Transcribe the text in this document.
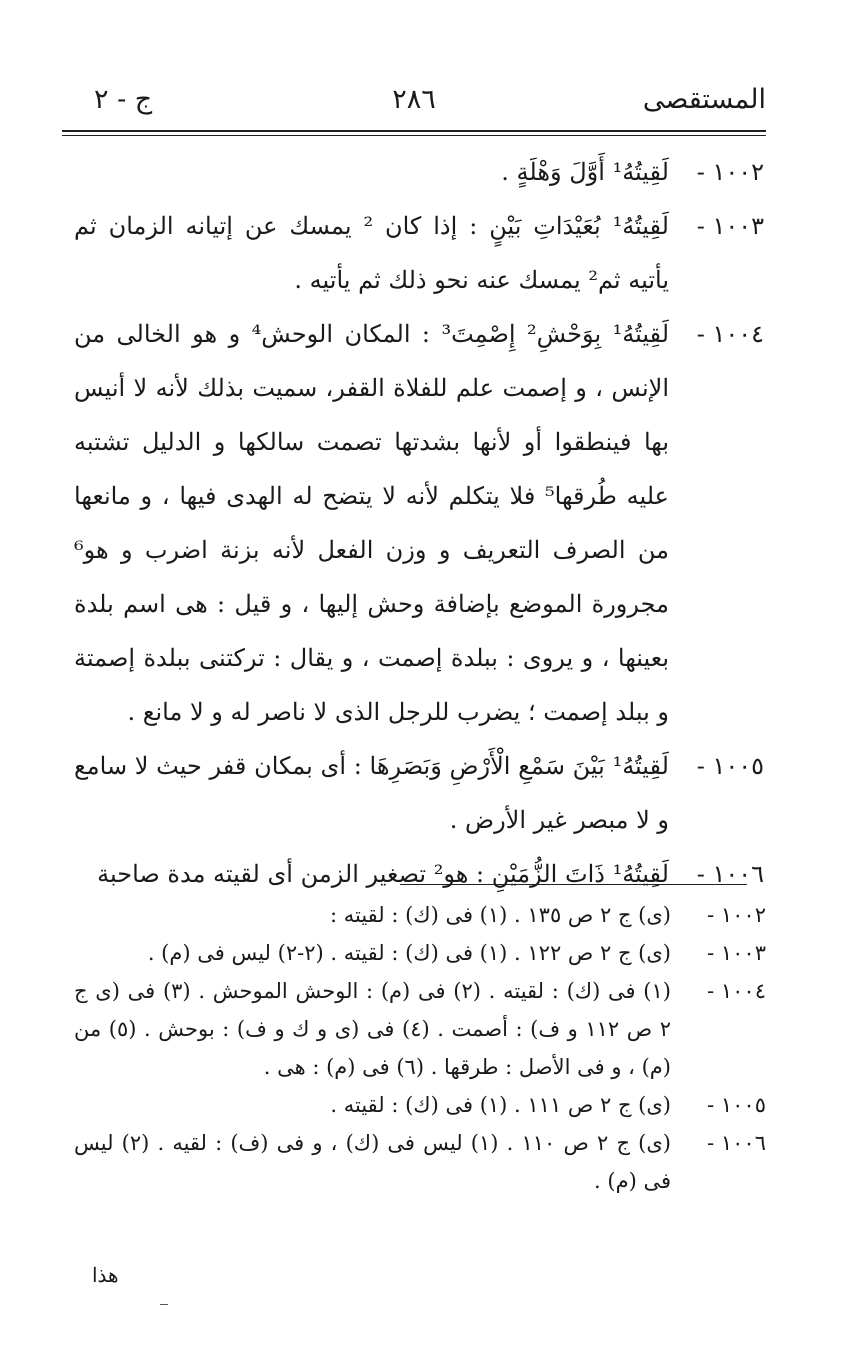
المستقصى
٢٨٦
ج - ٢
١٠٠٢ -
لَقِيتُهُ¹ أَوَّلَ وَهْلَةٍ .
١٠٠٣ -
لَقِيتُهُ¹ بُعَيْدَاتِ بَيْنٍ : إذا كان ² يمسك عن إتيانه الزمان ثم يأتيه ثم² يمسك عنه نحو ذلك ثم يأتيه .
١٠٠٤ -
لَقِيتُهُ¹ بِوَحْشِ² إِصْمِتَ³ : المكان الوحش⁴ و هو الخالى من الإنس ، و إصمت علم للفلاة القفر، سميت بذلك لأنه لا أنيس بها فينطقوا أو لأنها بشدتها تصمت سالكها و الدليل تشتبه عليه طُرقها⁵ فلا يتكلم لأنه لا يتضح له الهدى فيها ، و مانعها من الصرف التعريف و وزن الفعل لأنه بزنة اضرب و هو⁶ مجرورة الموضع بإضافة وحش إليها ، و قيل : هى اسم بلدة بعينها ، و يروى : ببلدة إصمت ، و يقال : تركتنى ببلدة إصمتة و ببلد إصمت ؛ يضرب للرجل الذى لا ناصر له و لا مانع .
١٠٠٥ -
لَقِيتُهُ¹ بَيْنَ سَمْعِ الْأَرْضِ وَبَصَرِهَا : أى بمكان قفر حيث لا سامع و لا مبصر غير الأرض .
١٠٠٦ -
لَقِيتُهُ¹ ذَاتَ الزُّمَيْنِ : هو² تصغير الزمن أى لقيته مدة صاحبة
١٠٠٢ -
(ى) ج ٢ ص ١٣٥ . (١) فى (ك) : لقيته :
١٠٠٣ -
(ى) ج ٢ ص ١٢٢ . (١) فى (ك) : لقيته . (٢-٢) ليس فى (م) .
١٠٠٤ -
(١) فى (ك) : لقيته . (٢) فى (م) : الوحش الموحش . (٣) فى (ى ج ٢ ص ١١٢ و ف) : أصمت . (٤) فى (ى و ك و ف) : بوحش . (٥) من (م) ، و فى الأصل : طرقها . (٦) فى (م) : هى .
١٠٠٥ -
(ى) ج ٢ ص ١١١ . (١) فى (ك) : لقيته .
١٠٠٦ -
(ى) ج ٢ ص ١١٠ . (١) ليس فى (ك) ، و فى (ف) : لقيه . (٢) ليس فى (م) .
هذا
